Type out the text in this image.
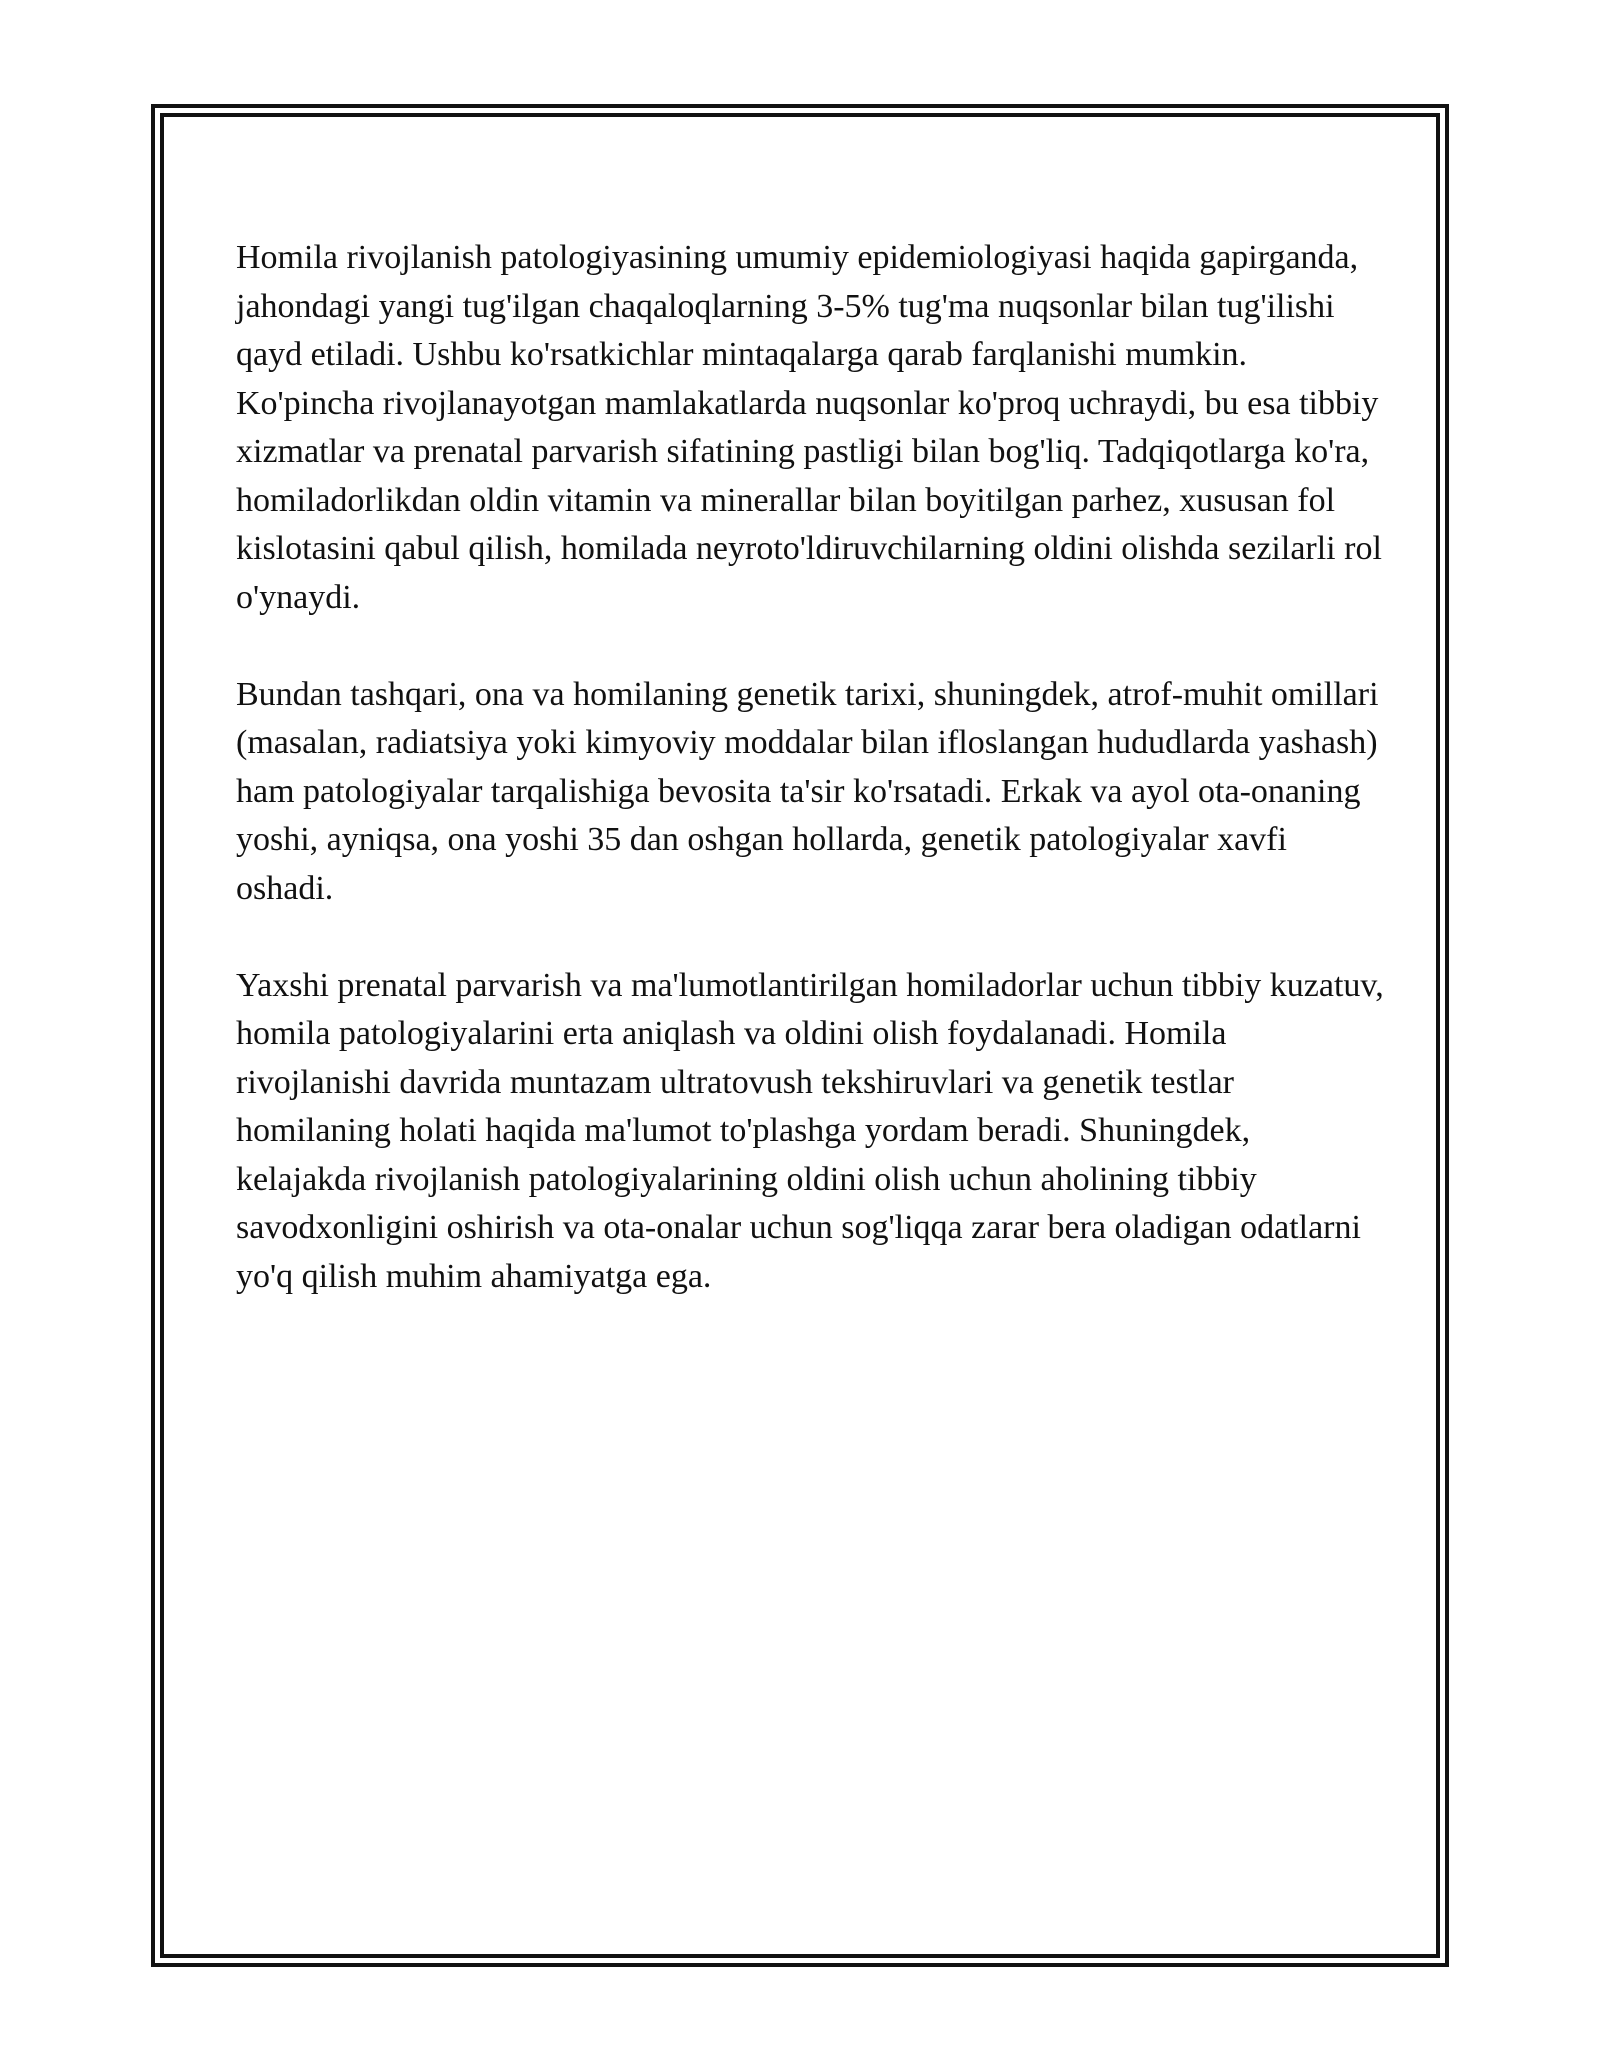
Homila rivojlanish patologiyasining umumiy epidemiologiyasi haqida gapirganda, jahondagi yangi tug'ilgan chaqaloqlarning 3-5% tug'ma nuqsonlar bilan tug'ilishi qayd etiladi. Ushbu ko'rsatkichlar mintaqalarga qarab farqlanishi mumkin. Ko'pincha rivojlanayotgan mamlakatlarda nuqsonlar ko'proq uchraydi, bu esa tibbiy xizmatlar va prenatal parvarish sifatining pastligi bilan bog'liq. Tadqiqotlarga ko'ra, homiladorlikdan oldin vitamin va minerallar bilan boyitilgan parhez, xususan fol kislotasini qabul qilish, homilada neyroto'ldiruvchilarning oldini olishda sezilarli rol o'ynaydi.

Bundan tashqari, ona va homilaning genetik tarixi, shuningdek, atrof-muhit omillari (masalan, radiatsiya yoki kimyoviy moddalar bilan ifloslangan hududlarda yashash) ham patologiyalar tarqalishiga bevosita ta'sir ko'rsatadi. Erkak va ayol ota-onaning yoshi, ayniqsa, ona yoshi 35 dan oshgan hollarda, genetik patologiyalar xavfi oshadi.

Yaxshi prenatal parvarish va ma'lumotlantirilgan homiladorlar uchun tibbiy kuzatuv, homila patologiyalarini erta aniqlash va oldini olish foydalanadi. Homila rivojlanishi davrida muntazam ultratovush tekshiruvlari va genetik testlar homilaning holati haqida ma'lumot to'plashga yordam beradi. Shuningdek, kelajakda rivojlanish patologiyalarining oldini olish uchun aholining tibbiy savodxonligini oshirish va ota-onalar uchun sog'liqqa zarar bera oladigan odatlarni yo'q qilish muhim ahamiyatga ega.
